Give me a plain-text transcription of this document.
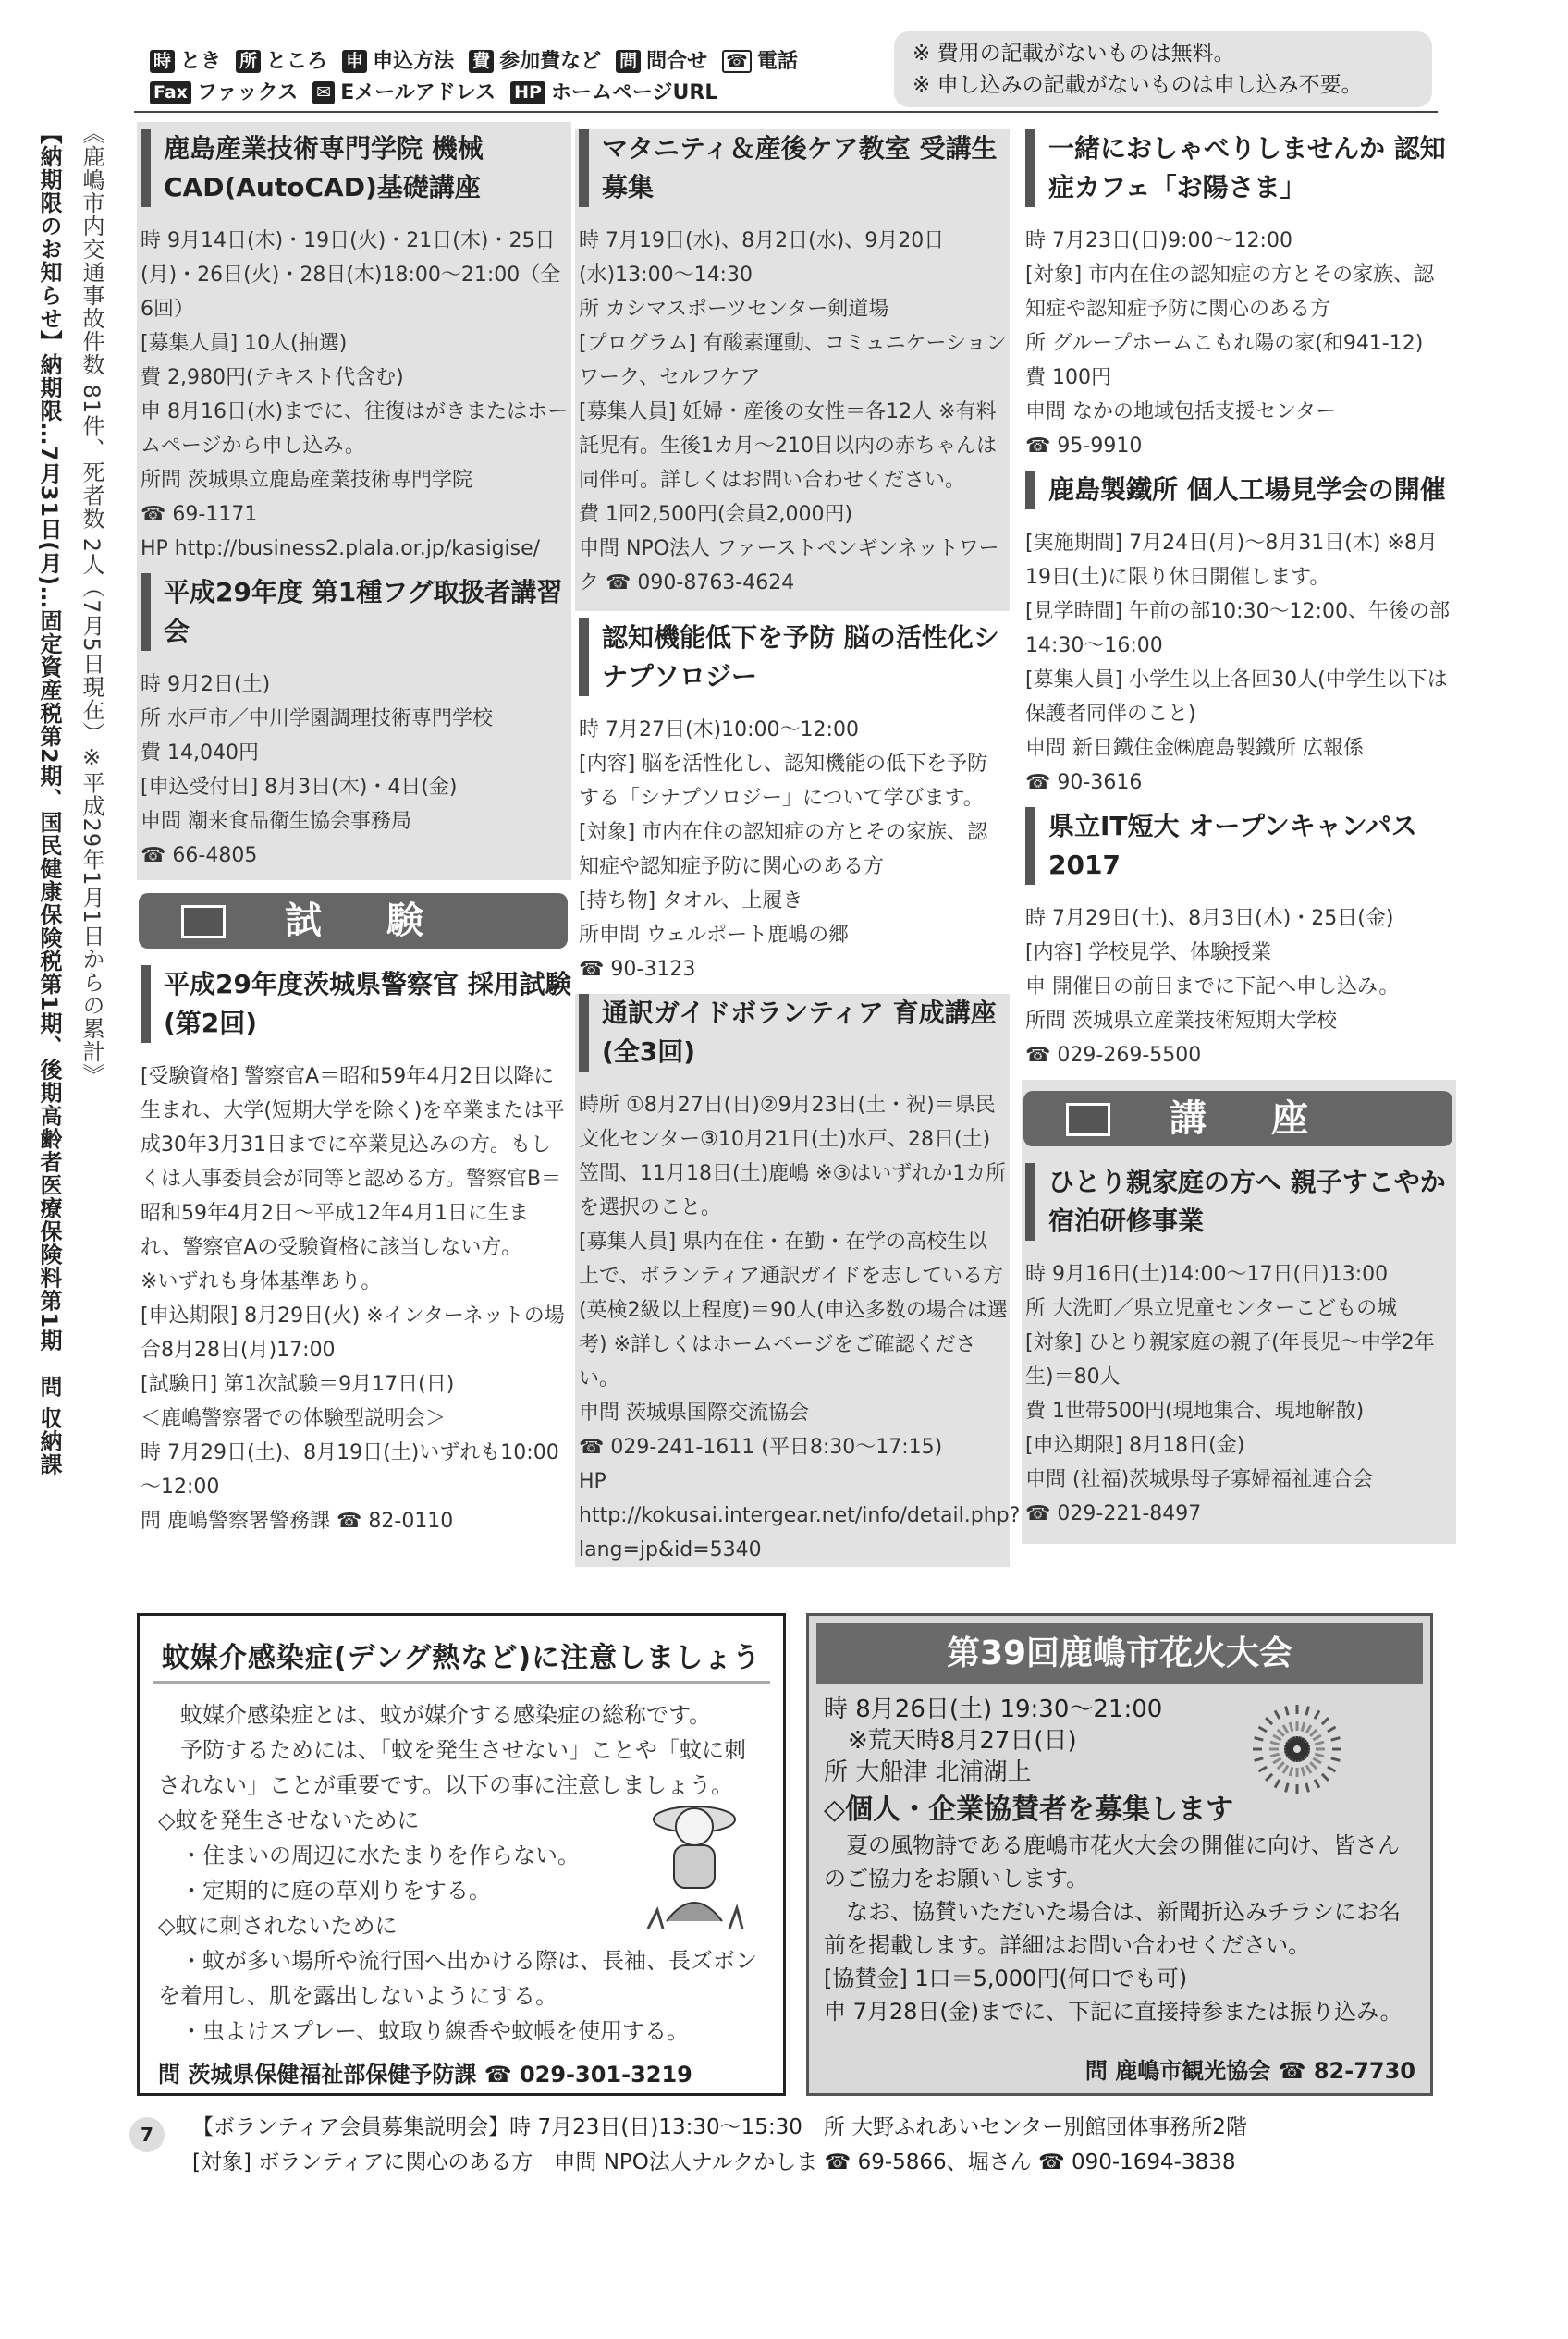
時 とき 所 ところ 申 申込方法 費 参加費など 問 問合せ ☎ 電話
Fax ファックス ✉ Eメールアドレス HP ホームページURL
※ 費用の記載がないものは無料。
※ 申し込みの記載がないものは申し込み不要。
【納期限のお知らせ】納期限…7月31日(月)…固定資産税第2期、国民健康保険税第1期、後期高齢者医療保険料第1期　問 収納課 《鹿嶋市内交通事故件数 81件、死者数 2人（7月5日現在）※平成29年1月1日からの累計》	鹿島産業技術専門学院 機械CAD(AutoCAD)基礎講座

時 9月14日(木)・19日(火)・21日(木)・25日(月)・26日(火)・28日(木)18:00～21:00（全6回）

[募集人員] 10人(抽選)

費 2,980円(テキスト代含む)

申 8月16日(水)までに、往復はがきまたはホームページから申し込み。

所問 茨城県立鹿島産業技術専門学院

☎ 69-1171

HP http://business2.plala.or.jp/kasigise/

平成29年度 第1種フグ取扱者講習会

時 9月2日(土)

所 水戸市／中川学園調理技術専門学校

費 14,040円

[申込受付日] 8月3日(木)・4日(金)

申問 潮来食品衛生協会事務局

☎ 66-4805

試験
平成29年度茨城県警察官 採用試験(第2回)

[受験資格] 警察官A＝昭和59年4月2日以降に生まれ、大学(短期大学を除く)を卒業または平成30年3月31日までに卒業見込みの方。もしくは人事委員会が同等と認める方。警察官B＝昭和59年4月2日～平成12年4月1日に生まれ、警察官Aの受験資格に該当しない方。

※いずれも身体基準あり。

[申込期限] 8月29日(火) ※インターネットの場合8月28日(月)17:00

[試験日] 第1次試験＝9月17日(日)

＜鹿嶋警察署での体験型説明会＞

時 7月29日(土)、8月19日(土)いずれも10:00～12:00

問 鹿嶋警察署警務課 ☎ 82-0110

マタニティ＆産後ケア教室 受講生募集

時 7月19日(水)、8月2日(水)、9月20日(水)13:00～14:30

所 カシマスポーツセンター剣道場

[プログラム] 有酸素運動、コミュニケーションワーク、セルフケア

[募集人員] 妊婦・産後の女性＝各12人 ※有料託児有。生後1カ月～210日以内の赤ちゃんは同伴可。詳しくはお問い合わせください。

費 1回2,500円(会員2,000円)

申問 NPO法人 ファーストペンギンネットワーク ☎ 090-8763-4624

認知機能低下を予防 脳の活性化シナプソロジー

時 7月27日(木)10:00～12:00

[内容] 脳を活性化し、認知機能の低下を予防する「シナプソロジー」について学びます。

[対象] 市内在住の認知症の方とその家族、認知症や認知症予防に関心のある方

[持ち物] タオル、上履き

所申問 ウェルポート鹿嶋の郷

☎ 90-3123

通訳ガイドボランティア 育成講座(全3回)

時所 ①8月27日(日)②9月23日(土・祝)＝県民文化センター③10月21日(土)水戸、28日(土)笠間、11月18日(土)鹿嶋 ※③はいずれか1カ所を選択のこと。

[募集人員] 県内在住・在勤・在学の高校生以上で、ボランティア通訳ガイドを志している方(英検2級以上程度)＝90人(申込多数の場合は選考) ※詳しくはホームページをご確認ください。

申問 茨城県国際交流協会

☎ 029-241-1611 (平日8:30～17:15)

HP http://kokusai.intergear.net/info/detail.php?lang=jp&id=5340

一緒におしゃべりしませんか 認知症カフェ「お陽さま」

時 7月23日(日)9:00～12:00

[対象] 市内在住の認知症の方とその家族、認知症や認知症予防に関心のある方

所 グループホームこもれ陽の家(和941-12)

費 100円

申問 なかの地域包括支援センター

☎ 95-9910

鹿島製鐵所 個人工場見学会の開催

[実施期間] 7月24日(月)～8月31日(木) ※8月19日(土)に限り休日開催します。

[見学時間] 午前の部10:30～12:00、午後の部14:30～16:00

[募集人員] 小学生以上各回30人(中学生以下は保護者同伴のこと)

申問 新日鐵住金㈱鹿島製鐵所 広報係

☎ 90-3616

県立IT短大 オープンキャンパス2017

時 7月29日(土)、8月3日(木)・25日(金)

[内容] 学校見学、体験授業

申 開催日の前日までに下記へ申し込み。

所問 茨城県立産業技術短期大学校

☎ 029-269-5500

講座
ひとり親家庭の方へ 親子すこやか宿泊研修事業

時 9月16日(土)14:00～17日(日)13:00

所 大洗町／県立児童センターこどもの城

[対象] ひとり親家庭の親子(年長児～中学2年生)＝80人

費 1世帯500円(現地集合、現地解散)

[申込期限] 8月18日(金)

申問 (社福)茨城県母子寡婦福祉連合会

☎ 029-221-8497

蚊媒介感染症(デング熱など)に注意しましょう

　蚊媒介感染症とは、蚊が媒介する感染症の総称です。

　予防するためには、「蚊を発生させない」ことや「蚊に刺されない」ことが重要です。以下の事に注意しましょう。

◇蚊を発生させないために

　・住まいの周辺に水たまりを作らない。

　・定期的に庭の草刈りをする。

◇蚊に刺されないために

　・蚊が多い場所や流行国へ出かける際は、長袖、長ズボンを着用し、肌を露出しないようにする。

　・虫よけスプレー、蚊取り線香や蚊帳を使用する。

問 茨城県保健福祉部保健予防課 ☎ 029-301-3219
第39回鹿嶋市花火大会

時 8月26日(土) 19:30～21:00

　※荒天時8月27日(日)

所 大船津 北浦湖上

◇個人・企業協賛者を募集します

　夏の風物詩である鹿嶋市花火大会の開催に向け、皆さんのご協力をお願いします。

　なお、協賛いただいた場合は、新聞折込みチラシにお名前を掲載します。詳細はお問い合わせください。

[協賛金] 1口＝5,000円(何口でも可)

申 7月28日(金)までに、下記に直接持参または振り込み。

問 鹿嶋市観光協会 ☎ 82-7730
7	【ボランティア会員募集説明会】時 7月23日(日)13:30～15:30　所 大野ふれあいセンター別館団体事務所2階
[対象] ボランティアに関心のある方　申問 NPO法人ナルクかしま ☎ 69-5866、堀さん ☎ 090-1694-3838
